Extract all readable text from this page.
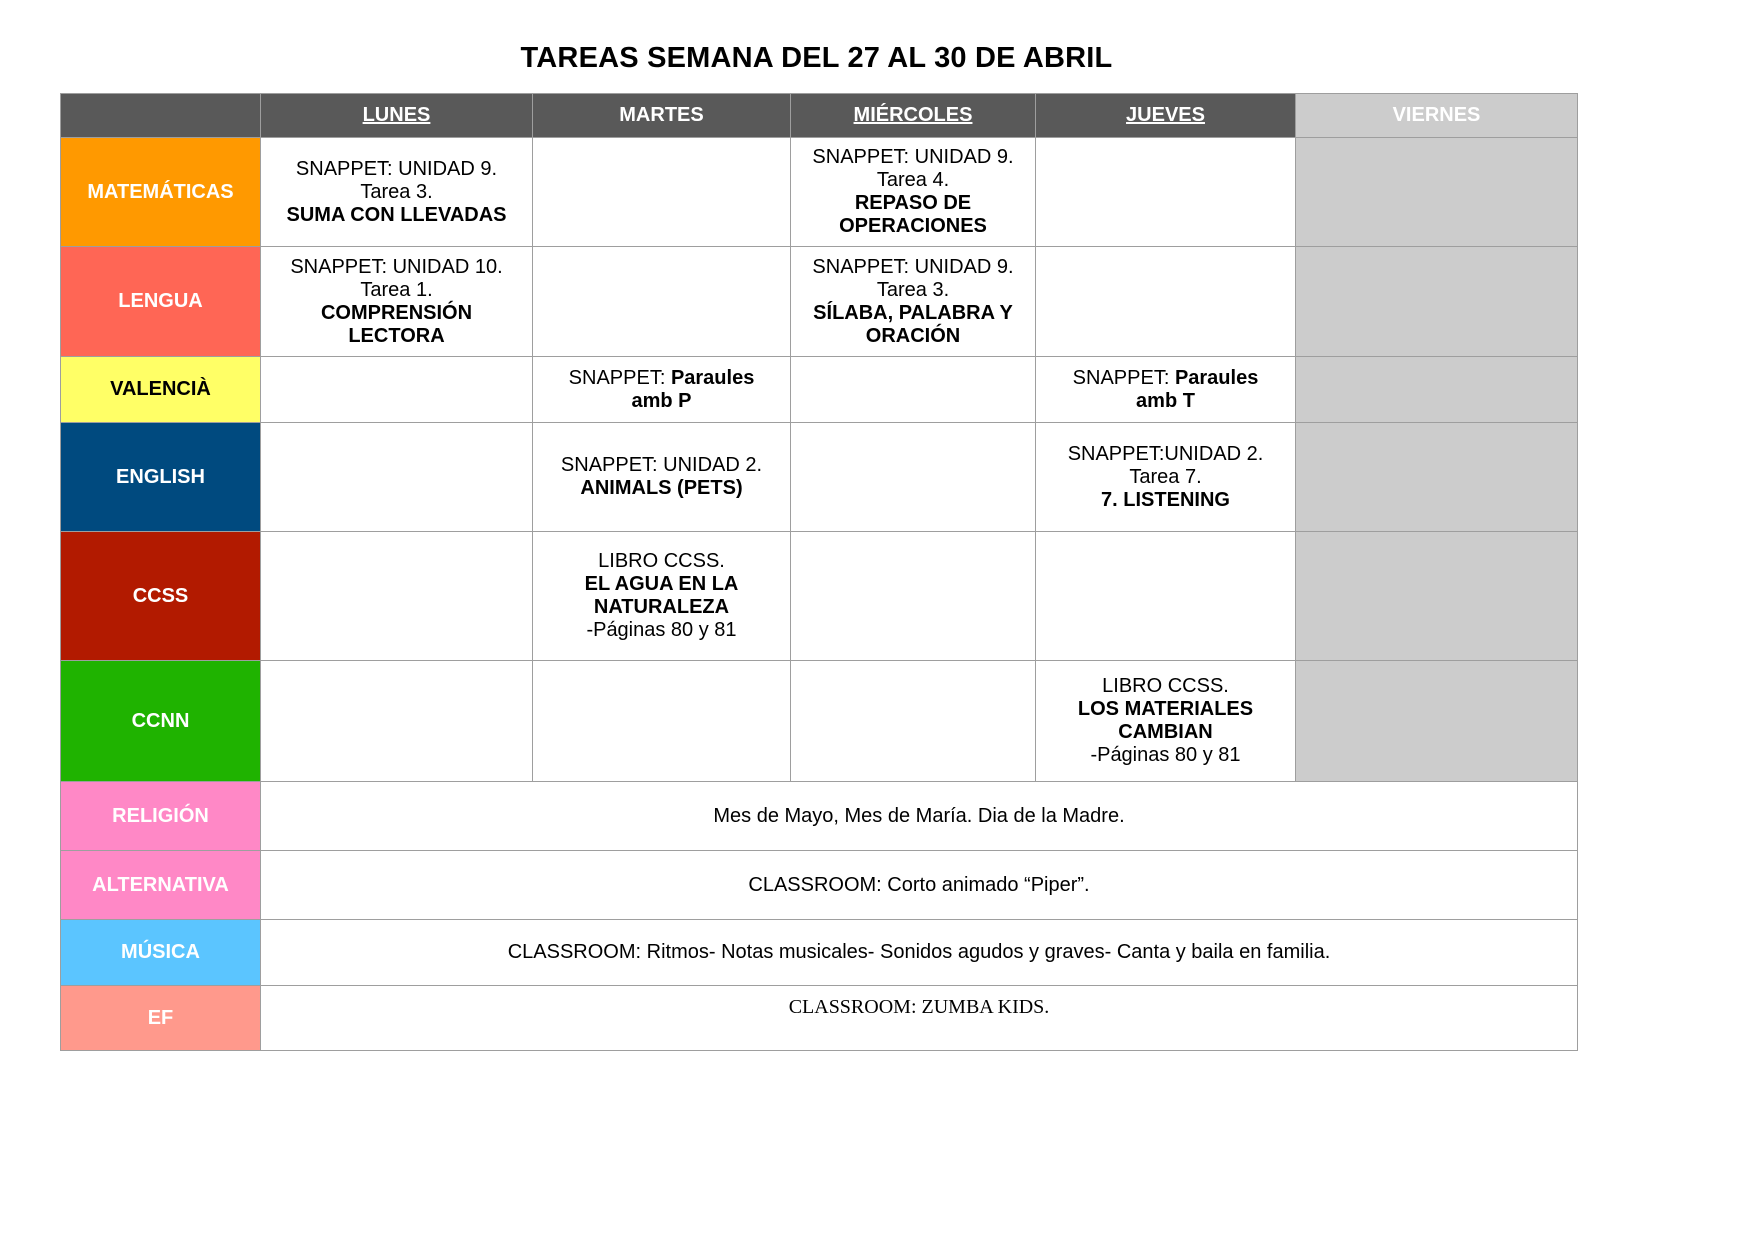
TAREAS SEMANA DEL 27 AL 30 DE ABRIL
	LUNES	MARTES	MIÉRCOLES	JUEVES	VIERNES
MATEMÁTICAS	SNAPPET: UNIDAD 9.
Tarea 3.
SUMA CON LLEVADAS		SNAPPET: UNIDAD 9.
Tarea 4.
REPASO DE
OPERACIONES		

LENGUA	SNAPPET: UNIDAD 10.
Tarea 1.
COMPRENSIÓN
LECTORA		SNAPPET: UNIDAD 9.
Tarea 3.
SÍLABA, PALABRA Y
ORACIÓN		

VALENCIÀ		SNAPPET: Paraules
amb P		SNAPPET: Paraules
amb T	

ENGLISH		SNAPPET: UNIDAD 2.
ANIMALS (PETS)		SNAPPET:UNIDAD 2.
Tarea 7.
7. LISTENING	

CCSS		LIBRO CCSS.
EL AGUA EN LA
NATURALEZA
-Páginas 80 y 81			

CCNN				LIBRO CCSS.
LOS MATERIALES
CAMBIAN
-Páginas 80 y 81	

RELIGIÓN	Mes de Mayo, Mes de María. Dia de la Madre.				
ALTERNATIVA	CLASSROOM: Corto animado “Piper”.				
MÚSICA	CLASSROOM: Ritmos- Notas musicales- Sonidos agudos y graves- Canta y baila en familia.				
EF	CLASSROOM: ZUMBA KIDS.				
